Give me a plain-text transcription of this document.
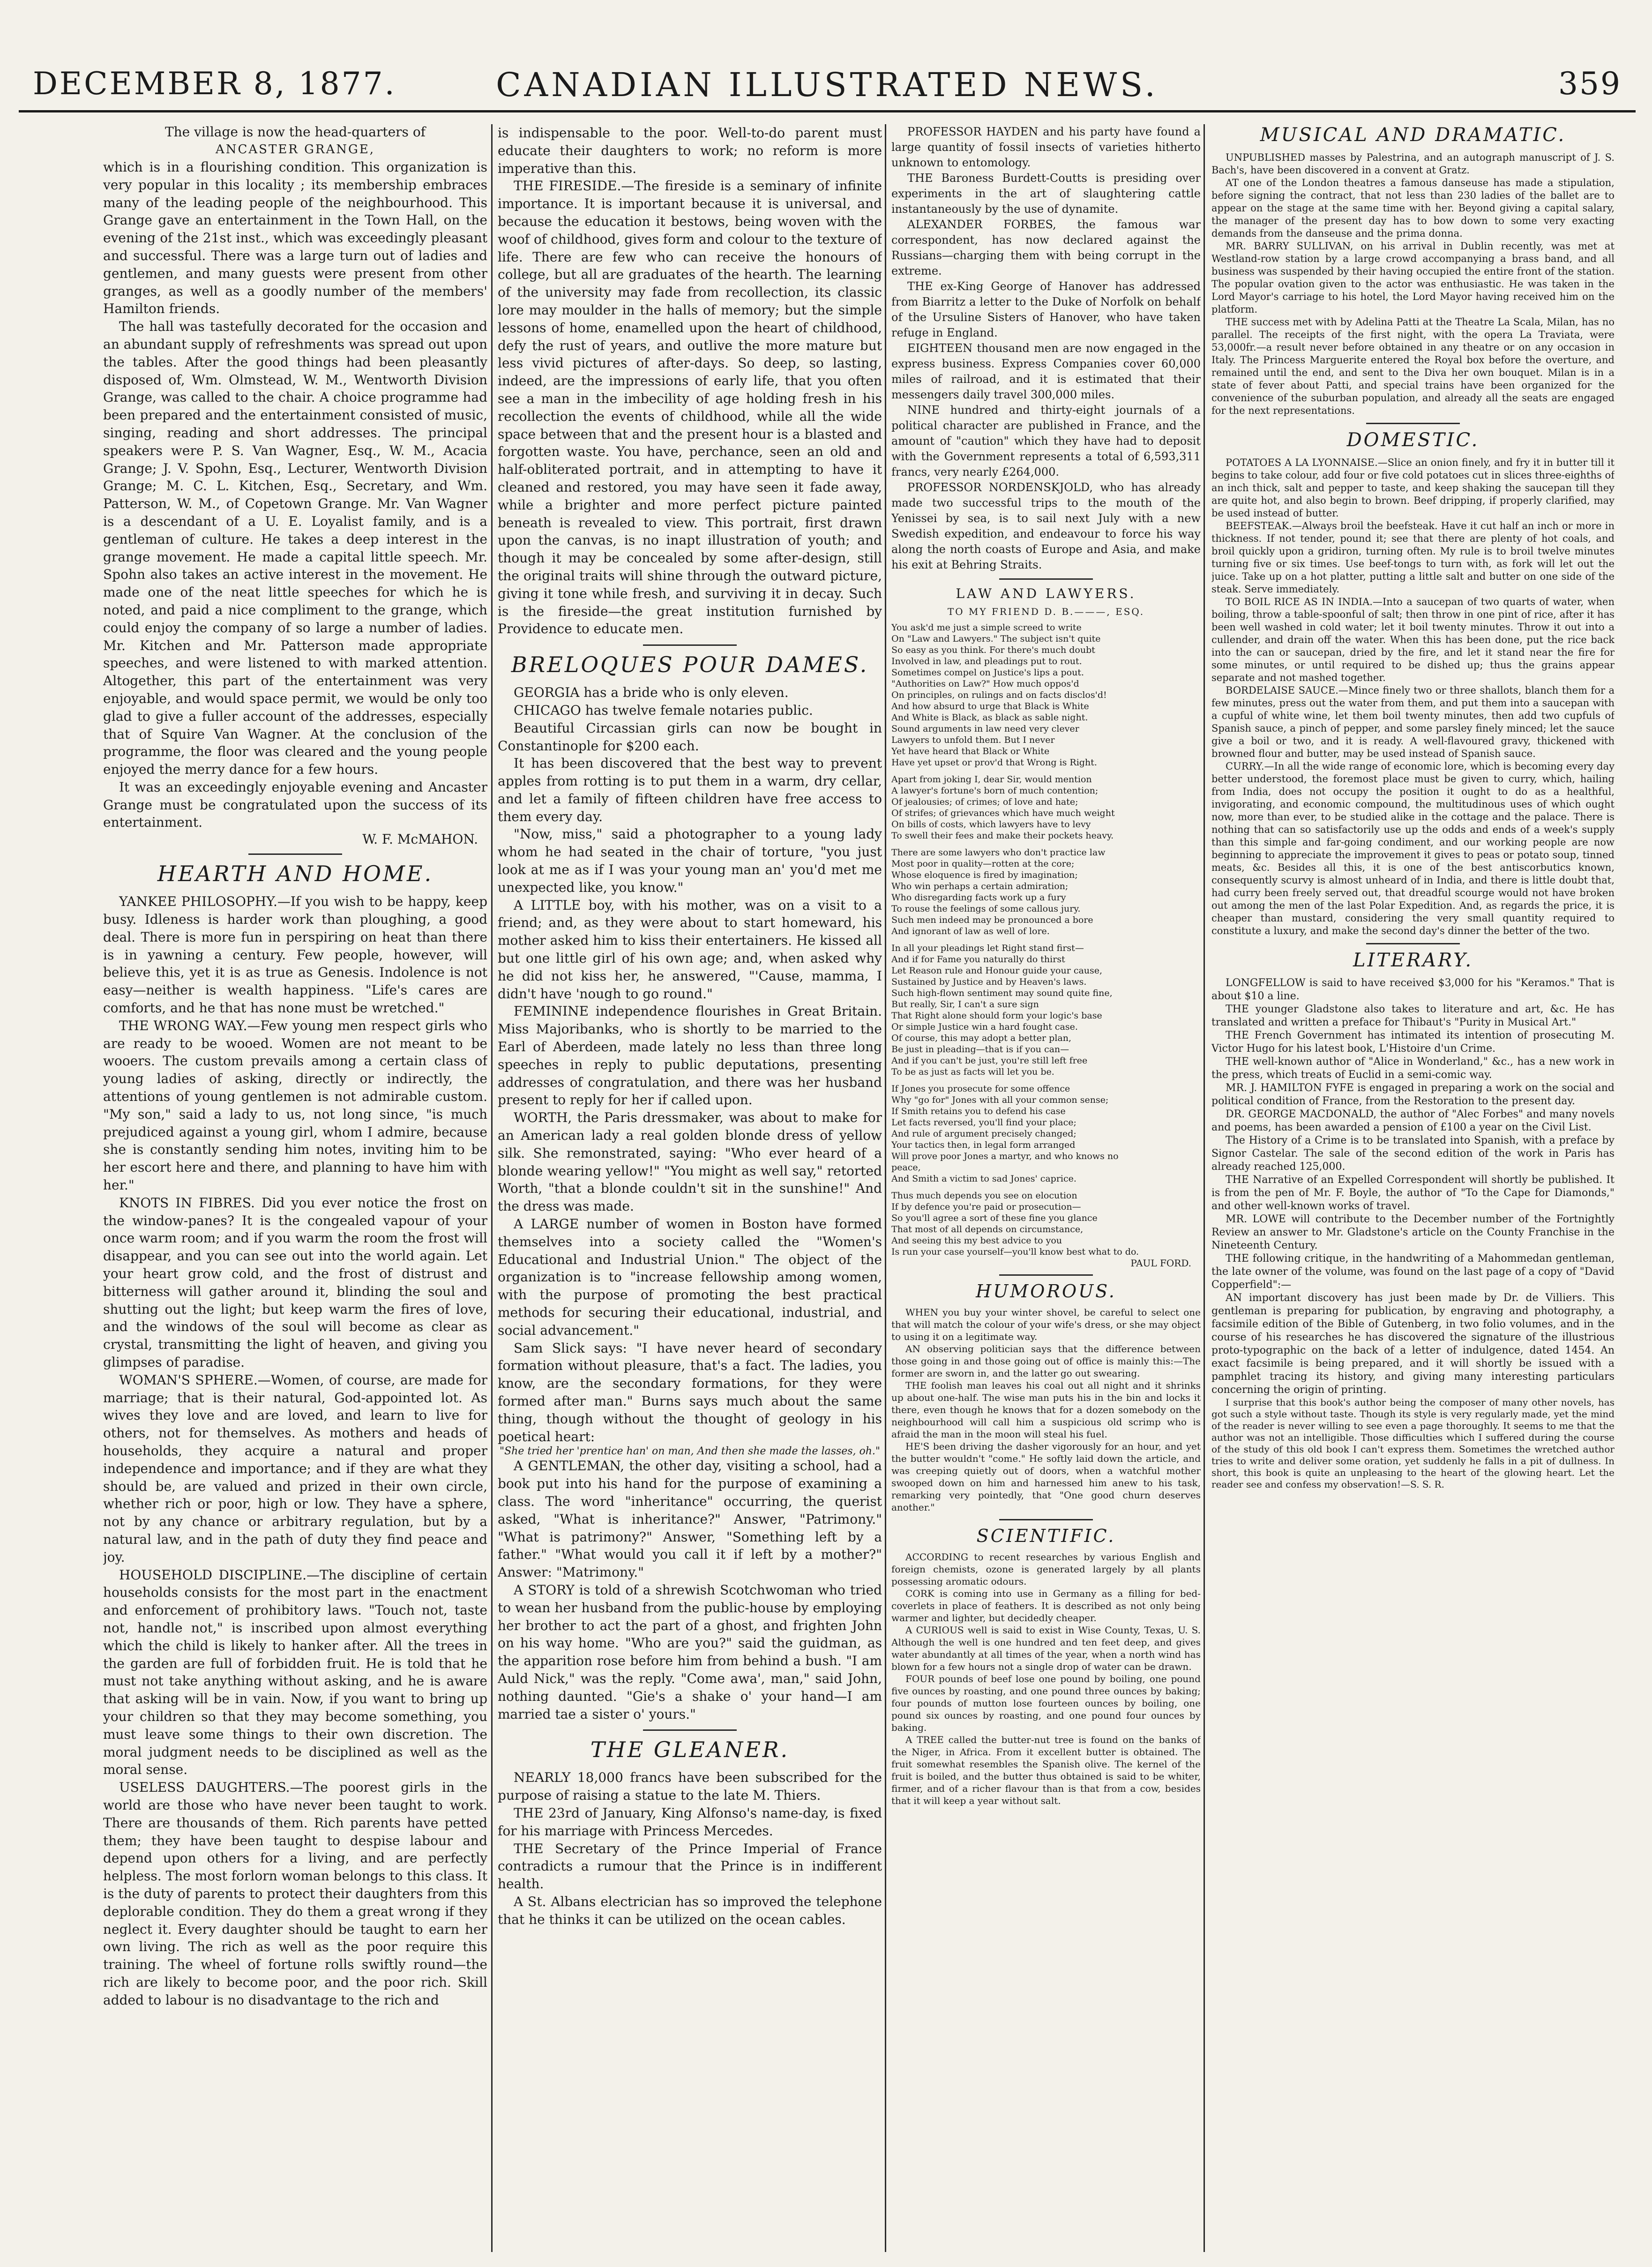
DECEMBER 8, 1877.	CANADIAN ILLUSTRATED NEWS.	359

The village is now the head-quarters of

ANCASTER GRANGE,

which is in a flourishing condition. This organization is very popular in this locality ; its membership embraces many of the leading people of the neighbourhood. This Grange gave an entertainment in the Town Hall, on the evening of the 21st inst., which was exceedingly pleasant and successful. There was a large turn out of ladies and gentlemen, and many guests were present from other granges, as well as a goodly number of the members' Hamilton friends.

The hall was tastefully decorated for the occasion and an abundant supply of refreshments was spread out upon the tables. After the good things had been pleasantly disposed of, Wm. Olmstead, W. M., Wentworth Division Grange, was called to the chair. A choice programme had been prepared and the entertainment consisted of music, singing, reading and short addresses. The principal speakers were P. S. Van Wagner, Esq., W. M., Acacia Grange; J. V. Spohn, Esq., Lecturer, Wentworth Division Grange; M. C. L. Kitchen, Esq., Secretary, and Wm. Patterson, W. M., of Copetown Grange. Mr. Van Wagner is a descendant of a U. E. Loyalist family, and is a gentleman of culture. He takes a deep interest in the grange movement. He made a capital little speech. Mr. Spohn also takes an active interest in the movement. He made one of the neat little speeches for which he is noted, and paid a nice compliment to the grange, which could enjoy the company of so large a number of ladies. Mr. Kitchen and Mr. Patterson made appropriate speeches, and were listened to with marked attention. Altogether, this part of the entertainment was very enjoyable, and would space permit, we would be only too glad to give a fuller account of the addresses, especially that of Squire Van Wagner. At the conclusion of the programme, the floor was cleared and the young people enjoyed the merry dance for a few hours.

It was an exceedingly enjoyable evening and Ancaster Grange must be congratulated upon the success of its entertainment.

W. F. McMAHON.

HEARTH AND HOME.

YANKEE PHILOSOPHY.—If you wish to be happy, keep busy. Idleness is harder work than ploughing, a good deal. There is more fun in perspiring on heat than there is in yawning a century. Few people, however, will believe this, yet it is as true as Genesis. Indolence is not easy—neither is wealth happiness. "Life's cares are comforts, and he that has none must be wretched."

THE WRONG WAY.—Few young men respect girls who are ready to be wooed. Women are not meant to be wooers. The custom prevails among a certain class of young ladies of asking, directly or indirectly, the attentions of young gentlemen is not admirable custom. "My son," said a lady to us, not long since, "is much prejudiced against a young girl, whom I admire, because she is constantly sending him notes, inviting him to be her escort here and there, and planning to have him with her."

KNOTS IN FIBRES. Did you ever notice the frost on the window-panes? It is the congealed vapour of your once warm room; and if you warm the room the frost will disappear, and you can see out into the world again. Let your heart grow cold, and the frost of distrust and bitterness will gather around it, blinding the soul and shutting out the light; but keep warm the fires of love, and the windows of the soul will become as clear as crystal, transmitting the light of heaven, and giving you glimpses of paradise.

WOMAN'S SPHERE.—Women, of course, are made for marriage; that is their natural, God-appointed lot. As wives they love and are loved, and learn to live for others, not for themselves. As mothers and heads of households, they acquire a natural and proper independence and importance; and if they are what they should be, are valued and prized in their own circle, whether rich or poor, high or low. They have a sphere, not by any chance or arbitrary regulation, but by a natural law, and in the path of duty they find peace and joy.

HOUSEHOLD DISCIPLINE.—The discipline of certain households consists for the most part in the enactment and enforcement of prohibitory laws. "Touch not, taste not, handle not," is inscribed upon almost everything which the child is likely to hanker after. All the trees in the garden are full of forbidden fruit. He is told that he must not take anything without asking, and he is aware that asking will be in vain. Now, if you want to bring up your children so that they may become something, you must leave some things to their own discretion. The moral judgment needs to be disciplined as well as the moral sense.

USELESS DAUGHTERS.—The poorest girls in the world are those who have never been taught to work. There are thousands of them. Rich parents have petted them; they have been taught to despise labour and depend upon others for a living, and are perfectly helpless. The most forlorn woman belongs to this class. It is the duty of parents to protect their daughters from this deplorable condition. They do them a great wrong if they neglect it. Every daughter should be taught to earn her own living. The rich as well as the poor require this training. The wheel of fortune rolls swiftly round—the rich are likely to become poor, and the poor rich. Skill added to labour is no disadvantage to the rich and

is indispensable to the poor. Well-to-do parent must educate their daughters to work; no reform is more imperative than this.

THE FIRESIDE.—The fireside is a seminary of infinite importance. It is important because it is universal, and because the education it bestows, being woven with the woof of childhood, gives form and colour to the texture of life. There are few who can receive the honours of college, but all are graduates of the hearth. The learning of the university may fade from recollection, its classic lore may moulder in the halls of memory; but the simple lessons of home, enamelled upon the heart of childhood, defy the rust of years, and outlive the more mature but less vivid pictures of after-days. So deep, so lasting, indeed, are the impressions of early life, that you often see a man in the imbecility of age holding fresh in his recollection the events of childhood, while all the wide space between that and the present hour is a blasted and forgotten waste. You have, perchance, seen an old and half-obliterated portrait, and in attempting to have it cleaned and restored, you may have seen it fade away, while a brighter and more perfect picture painted beneath is revealed to view. This portrait, first drawn upon the canvas, is no inapt illustration of youth; and though it may be concealed by some after-design, still the original traits will shine through the outward picture, giving it tone while fresh, and surviving it in decay. Such is the fireside—the great institution furnished by Providence to educate men.

BRELOQUES POUR DAMES.

GEORGIA has a bride who is only eleven.

CHICAGO has twelve female notaries public.

Beautiful Circassian girls can now be bought in Constantinople for $200 each.

It has been discovered that the best way to prevent apples from rotting is to put them in a warm, dry cellar, and let a family of fifteen children have free access to them every day.

"Now, miss," said a photographer to a young lady whom he had seated in the chair of torture, "you just look at me as if I was your young man an' you'd met me unexpected like, you know."

A LITTLE boy, with his mother, was on a visit to a friend; and, as they were about to start homeward, his mother asked him to kiss their entertainers. He kissed all but one little girl of his own age; and, when asked why he did not kiss her, he answered, "'Cause, mamma, I didn't have 'nough to go round."

FEMININE independence flourishes in Great Britain. Miss Majoribanks, who is shortly to be married to the Earl of Aberdeen, made lately no less than three long speeches in reply to public deputations, presenting addresses of congratulation, and there was her husband present to reply for her if called upon.

WORTH, the Paris dressmaker, was about to make for an American lady a real golden blonde dress of yellow silk. She remonstrated, saying: "Who ever heard of a blonde wearing yellow!" "You might as well say," retorted Worth, "that a blonde couldn't sit in the sunshine!" And the dress was made.

A LARGE number of women in Boston have formed themselves into a society called the "Women's Educational and Industrial Union." The object of the organization is to "increase fellowship among women, with the purpose of promoting the best practical methods for securing their educational, industrial, and social advancement."

Sam Slick says: "I have never heard of secondary formation without pleasure, that's a fact. The ladies, you know, are the secondary formations, for they were formed after man." Burns says much about the same thing, though without the thought of geology in his poetical heart:

"She tried her 'prentice han' on man, And then she made the lasses, oh."

A GENTLEMAN, the other day, visiting a school, had a book put into his hand for the purpose of examining a class. The word "inheritance" occurring, the querist asked, "What is inheritance?" Answer, "Patrimony." "What is patrimony?" Answer, "Something left by a father." "What would you call it if left by a mother?" Answer: "Matrimony."

A STORY is told of a shrewish Scotchwoman who tried to wean her husband from the public-house by employing her brother to act the part of a ghost, and frighten John on his way home. "Who are you?" said the guidman, as the apparition rose before him from behind a bush. "I am Auld Nick," was the reply. "Come awa', man," said John, nothing daunted. "Gie's a shake o' your hand—I am married tae a sister o' yours."

THE GLEANER.

NEARLY 18,000 francs have been subscribed for the purpose of raising a statue to the late M. Thiers.

THE 23rd of January, King Alfonso's name-day, is fixed for his marriage with Princess Mercedes.

THE Secretary of the Prince Imperial of France contradicts a rumour that the Prince is in indifferent health.

A St. Albans electrician has so improved the telephone that he thinks it can be utilized on the ocean cables.

PROFESSOR HAYDEN and his party have found a large quantity of fossil insects of varieties hitherto unknown to entomology.

THE Baroness Burdett-Coutts is presiding over experiments in the art of slaughtering cattle instantaneously by the use of dynamite.

ALEXANDER FORBES, the famous war correspondent, has now declared against the Russians—charging them with being corrupt in the extreme.

THE ex-King George of Hanover has addressed from Biarritz a letter to the Duke of Norfolk on behalf of the Ursuline Sisters of Hanover, who have taken refuge in England.

EIGHTEEN thousand men are now engaged in the express business. Express Companies cover 60,000 miles of railroad, and it is estimated that their messengers daily travel 300,000 miles.

NINE hundred and thirty-eight journals of a political character are published in France, and the amount of "caution" which they have had to deposit with the Government represents a total of 6,593,311 francs, very nearly £264,000.

PROFESSOR NORDENSKJOLD, who has already made two successful trips to the mouth of the Yenissei by sea, is to sail next July with a new Swedish expedition, and endeavour to force his way along the north coasts of Europe and Asia, and make his exit at Behring Straits.

LAW AND LAWYERS.

TO MY FRIEND D. B.———, ESQ.

You ask'd me just a simple screed to write
On "Law and Lawyers." The subject isn't quite
So easy as you think. For there's much doubt
Involved in law, and pleadings put to rout.
Sometimes compel on Justice's lips a pout.
"Authorities on Law?" How much oppos'd
On principles, on rulings and on facts disclos'd!
And how absurd to urge that Black is White
And White is Black, as black as sable night.
Sound arguments in law need very clever
Lawyers to unfold them. But I never
Yet have heard that Black or White
Have yet upset or prov'd that Wrong is Right.
Apart from joking I, dear Sir, would mention
A lawyer's fortune's born of much contention;
Of jealousies; of crimes; of love and hate;
Of strifes; of grievances which have much weight
On bills of costs, which lawyers have to levy
To swell their fees and make their pockets heavy.
There are some lawyers who don't practice law
Most poor in quality—rotten at the core;
Whose eloquence is fired by imagination;
Who win perhaps a certain admiration;
Who disregarding facts work up a fury
To rouse the feelings of some callous jury.
Such men indeed may be pronounced a bore
And ignorant of law as well of lore.
In all your pleadings let Right stand first—
And if for Fame you naturally do thirst
Let Reason rule and Honour guide your cause,
Sustained by Justice and by Heaven's laws.
Such high-flown sentiment may sound quite fine,
But really, Sir, I can't a sure sign
That Right alone should form your logic's base
Or simple Justice win a hard fought case.
Of course, this may adopt a better plan,
Be just in pleading—that is if you can—
And if you can't be just, you're still left free
To be as just as facts will let you be.
If Jones you prosecute for some offence
Why "go for" Jones with all your common sense;
If Smith retains you to defend his case
Let facts reversed, you'll find your place;
And rule of argument precisely changed;
Your tactics then, in legal form arranged
Will prove poor Jones a martyr, and who knows no
peace,
And Smith a victim to sad Jones' caprice.
Thus much depends you see on elocution
If by defence you're paid or prosecution—
So you'll agree a sort of these fine you glance
That most of all depends on circumstance,
And seeing this my best advice to you
Is run your case yourself—you'll know best what to do.

PAUL FORD.

HUMOROUS.

WHEN you buy your winter shovel, be careful to select one that will match the colour of your wife's dress, or she may object to using it on a legitimate way.

AN observing politician says that the difference between those going in and those going out of office is mainly this:—The former are sworn in, and the latter go out swearing.

THE foolish man leaves his coal out all night and it shrinks up about one-half. The wise man puts his in the bin and locks it there, even though he knows that for a dozen somebody on the neighbourhood will call him a suspicious old scrimp who is afraid the man in the moon will steal his fuel.

HE'S been driving the dasher vigorously for an hour, and yet the butter wouldn't "come." He softly laid down the article, and was creeping quietly out of doors, when a watchful mother swooped down on him and harnessed him anew to his task, remarking very pointedly, that "One good churn deserves another."

SCIENTIFIC.

ACCORDING to recent researches by various English and foreign chemists, ozone is generated largely by all plants possessing aromatic odours.

CORK is coming into use in Germany as a filling for bed-coverlets in place of feathers. It is described as not only being warmer and lighter, but decidedly cheaper.

A CURIOUS well is said to exist in Wise County, Texas, U. S. Although the well is one hundred and ten feet deep, and gives water abundantly at all times of the year, when a north wind has blown for a few hours not a single drop of water can be drawn.

FOUR pounds of beef lose one pound by boiling, one pound five ounces by roasting, and one pound three ounces by baking; four pounds of mutton lose fourteen ounces by boiling, one pound six ounces by roasting, and one pound four ounces by baking.

A TREE called the butter-nut tree is found on the banks of the Niger, in Africa. From it excellent butter is obtained. The fruit somewhat resembles the Spanish olive. The kernel of the fruit is boiled, and the butter thus obtained is said to be whiter, firmer, and of a richer flavour than is that from a cow, besides that it will keep a year without salt.

MUSICAL AND DRAMATIC.

UNPUBLISHED masses by Palestrina, and an autograph manuscript of J. S. Bach's, have been discovered in a convent at Gratz.

AT one of the London theatres a famous danseuse has made a stipulation, before signing the contract, that not less than 230 ladies of the ballet are to appear on the stage at the same time with her. Beyond giving a capital salary, the manager of the present day has to bow down to some very exacting demands from the danseuse and the prima donna.

MR. BARRY SULLIVAN, on his arrival in Dublin recently, was met at Westland-row station by a large crowd accompanying a brass band, and all business was suspended by their having occupied the entire front of the station. The popular ovation given to the actor was enthusiastic. He was taken in the Lord Mayor's carriage to his hotel, the Lord Mayor having received him on the platform.

THE success met with by Adelina Patti at the Theatre La Scala, Milan, has no parallel. The receipts of the first night, with the opera La Traviata, were 53,000fr.—a result never before obtained in any theatre or on any occasion in Italy. The Princess Marguerite entered the Royal box before the overture, and remained until the end, and sent to the Diva her own bouquet. Milan is in a state of fever about Patti, and special trains have been organized for the convenience of the suburban population, and already all the seats are engaged for the next representations.

DOMESTIC.

POTATOES A LA LYONNAISE.—Slice an onion finely, and fry it in butter till it begins to take colour, add four or five cold potatoes cut in slices three-eighths of an inch thick, salt and pepper to taste, and keep shaking the saucepan till they are quite hot, and also begin to brown. Beef dripping, if properly clarified, may be used instead of butter.

BEEFSTEAK.—Always broil the beefsteak. Have it cut half an inch or more in thickness. If not tender, pound it; see that there are plenty of hot coals, and broil quickly upon a gridiron, turning often. My rule is to broil twelve minutes turning five or six times. Use beef-tongs to turn with, as fork will let out the juice. Take up on a hot platter, putting a little salt and butter on one side of the steak. Serve immediately.

TO BOIL RICE AS IN INDIA.—Into a saucepan of two quarts of water, when boiling, throw a table-spoonful of salt; then throw in one pint of rice, after it has been well washed in cold water; let it boil twenty minutes. Throw it out into a cullender, and drain off the water. When this has been done, put the rice back into the can or saucepan, dried by the fire, and let it stand near the fire for some minutes, or until required to be dished up; thus the grains appear separate and not mashed together.

BORDELAISE SAUCE.—Mince finely two or three shallots, blanch them for a few minutes, press out the water from them, and put them into a saucepan with a cupful of white wine, let them boil twenty minutes, then add two cupfuls of Spanish sauce, a pinch of pepper, and some parsley finely minced; let the sauce give a boil or two, and it is ready. A well-flavoured gravy, thickened with browned flour and butter, may be used instead of Spanish sauce.

CURRY.—In all the wide range of economic lore, which is becoming every day better understood, the foremost place must be given to curry, which, hailing from India, does not occupy the position it ought to do as a healthful, invigorating, and economic compound, the multitudinous uses of which ought now, more than ever, to be studied alike in the cottage and the palace. There is nothing that can so satisfactorily use up the odds and ends of a week's supply than this simple and far-going condiment, and our working people are now beginning to appreciate the improvement it gives to peas or potato soup, tinned meats, &c. Besides all this, it is one of the best antiscorbutics known, consequently scurvy is almost unheard of in India, and there is little doubt that, had curry been freely served out, that dreadful scourge would not have broken out among the men of the last Polar Expedition. And, as regards the price, it is cheaper than mustard, considering the very small quantity required to constitute a luxury, and make the second day's dinner the better of the two.

LITERARY.

LONGFELLOW is said to have received $3,000 for his "Keramos." That is about $10 a line.

THE younger Gladstone also takes to literature and art, &c. He has translated and written a preface for Thibaut's "Purity in Musical Art."

THE French Government has intimated its intention of prosecuting M. Victor Hugo for his latest book, L'Histoire d'un Crime.

THE well-known author of "Alice in Wonderland," &c., has a new work in the press, which treats of Euclid in a semi-comic way.

MR. J. HAMILTON FYFE is engaged in preparing a work on the social and political condition of France, from the Restoration to the present day.

DR. GEORGE MACDONALD, the author of "Alec Forbes" and many novels and poems, has been awarded a pension of £100 a year on the Civil List.

The History of a Crime is to be translated into Spanish, with a preface by Signor Castelar. The sale of the second edition of the work in Paris has already reached 125,000.

THE Narrative of an Expelled Correspondent will shortly be published. It is from the pen of Mr. F. Boyle, the author of "To the Cape for Diamonds," and other well-known works of travel.

MR. LOWE will contribute to the December number of the Fortnightly Review an answer to Mr. Gladstone's article on the County Franchise in the Nineteenth Century.

THE following critique, in the handwriting of a Mahommedan gentleman, the late owner of the volume, was found on the last page of a copy of "David Copperfield":—

AN important discovery has just been made by Dr. de Villiers. This gentleman is preparing for publication, by engraving and photography, a facsimile edition of the Bible of Gutenberg, in two folio volumes, and in the course of his researches he has discovered the signature of the illustrious proto-typographic on the back of a letter of indulgence, dated 1454. An exact facsimile is being prepared, and it will shortly be issued with a pamphlet tracing its history, and giving many interesting particulars concerning the origin of printing.

I surprise that this book's author being the composer of many other novels, has got such a style without taste. Though its style is very regularly made, yet the mind of the reader is never willing to see even a page thoroughly. It seems to me that the author was not an intelligible. Those difficulties which I suffered during the course of the study of this old book I can't express them. Sometimes the wretched author tries to write and deliver some oration, yet suddenly he falls in a pit of dullness. In short, this book is quite an unpleasing to the heart of the glowing heart. Let the reader see and confess my observation!—S. S. R.
